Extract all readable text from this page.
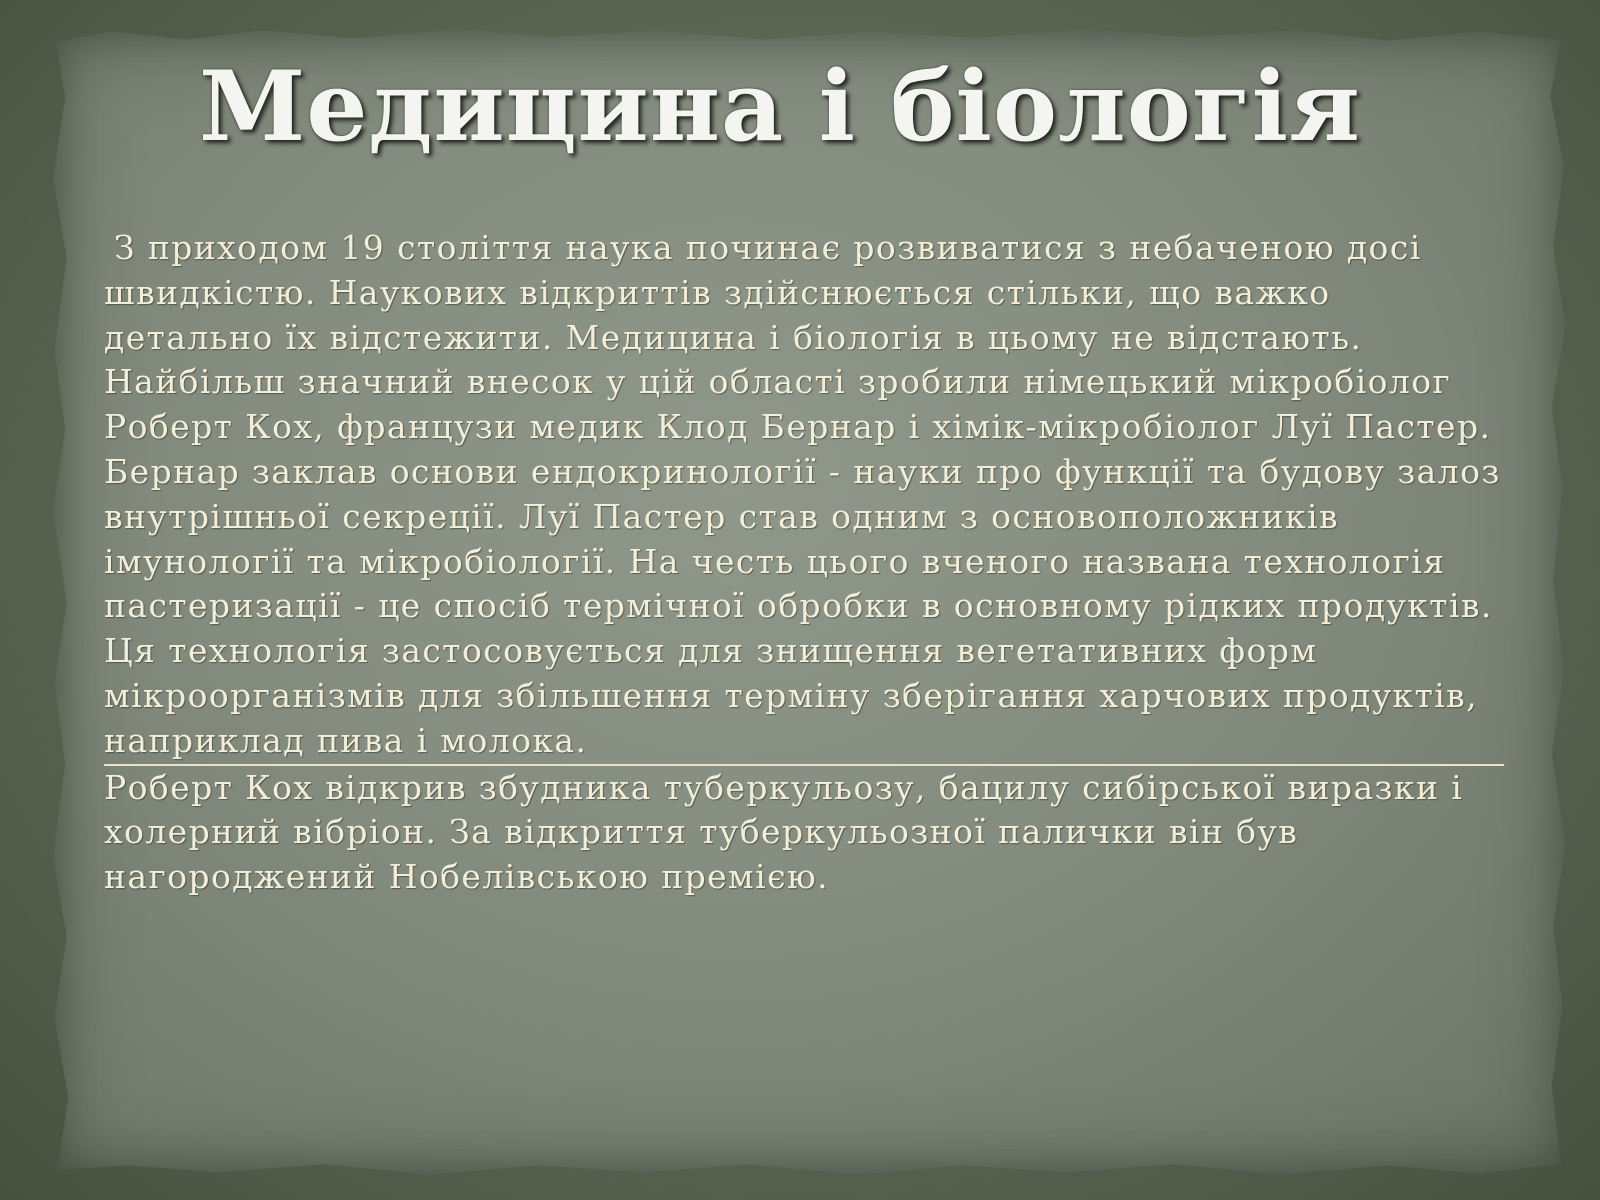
Медицина і біологія

З приходом 19 століття наука починає розвиватися з небаченою досі швидкістю. Наукових відкриттів здійснюється стільки, що важко детально їх відстежити. Медицина і біологія в цьому не відстають. Найбільш значний внесок у цій області зробили німецький мікробіолог Роберт Кох, французи медик Клод Бернар і хімік-мікробіолог Луї Пастер.

Бернар заклав основи ендокринології - науки про функції та будову залоз внутрішньої секреції. Луї Пастер став одним з основоположників імунології та мікробіології. На честь цього вченого названа технологія пастеризації - це спосіб термічної обробки в основному рідких продуктів. Ця технологія застосовується для знищення вегетативних форм мікроорганізмів для збільшення терміну зберігання харчових продуктів, наприклад пива і молока.

Роберт Кох відкрив збудника туберкульозу, бацилу сибірської виразки і холерний вібріон. За відкриття туберкульозної палички він був нагороджений Нобелівською премією.
